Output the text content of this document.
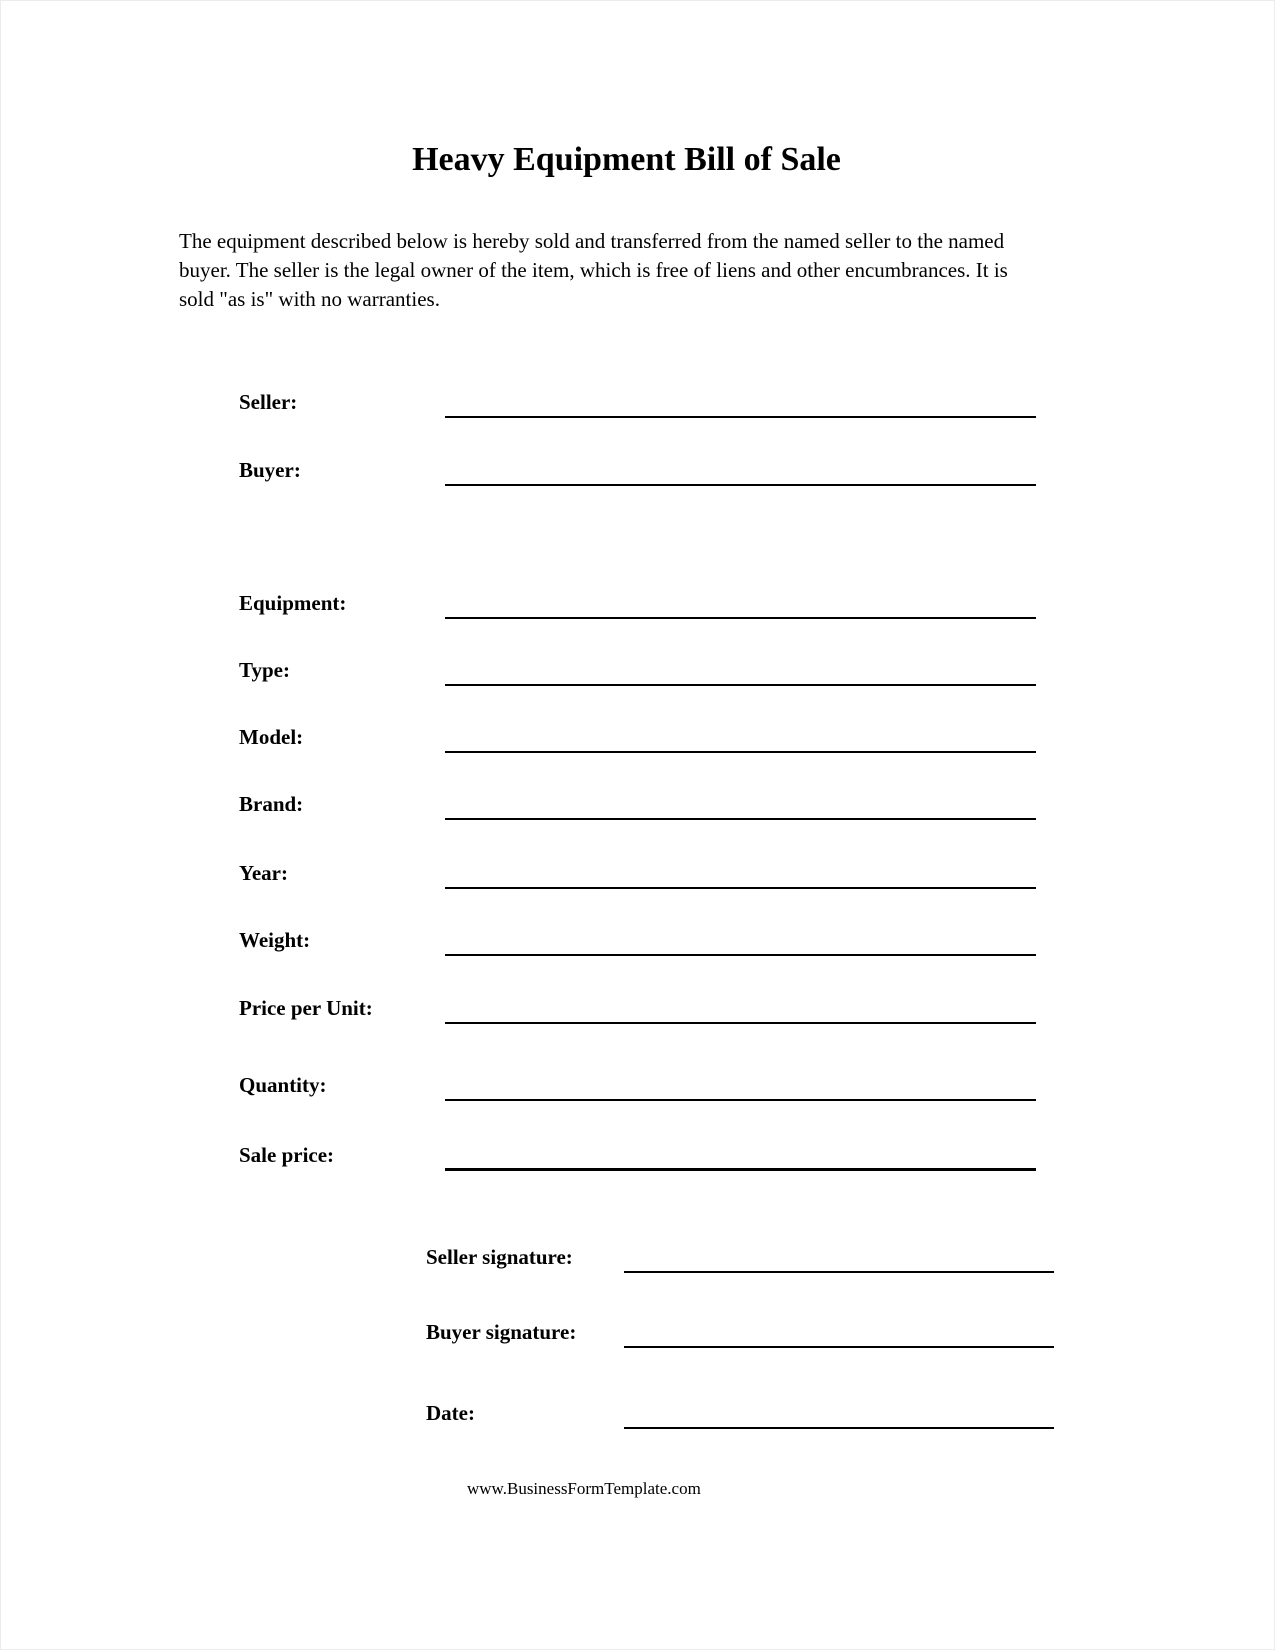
Heavy Equipment Bill of Sale

The equipment described below is hereby sold and transferred from the named seller to the named buyer. The seller is the legal owner of the item, which is free of liens and other encumbrances. It is sold "as is" with no warranties.

Seller:
Buyer:
Equipment:
Type:
Model:
Brand:
Year:
Weight:
Price per Unit:
Quantity:
Sale price:
Seller signature:
Buyer signature:
Date:
www.BusinessFormTemplate.com
